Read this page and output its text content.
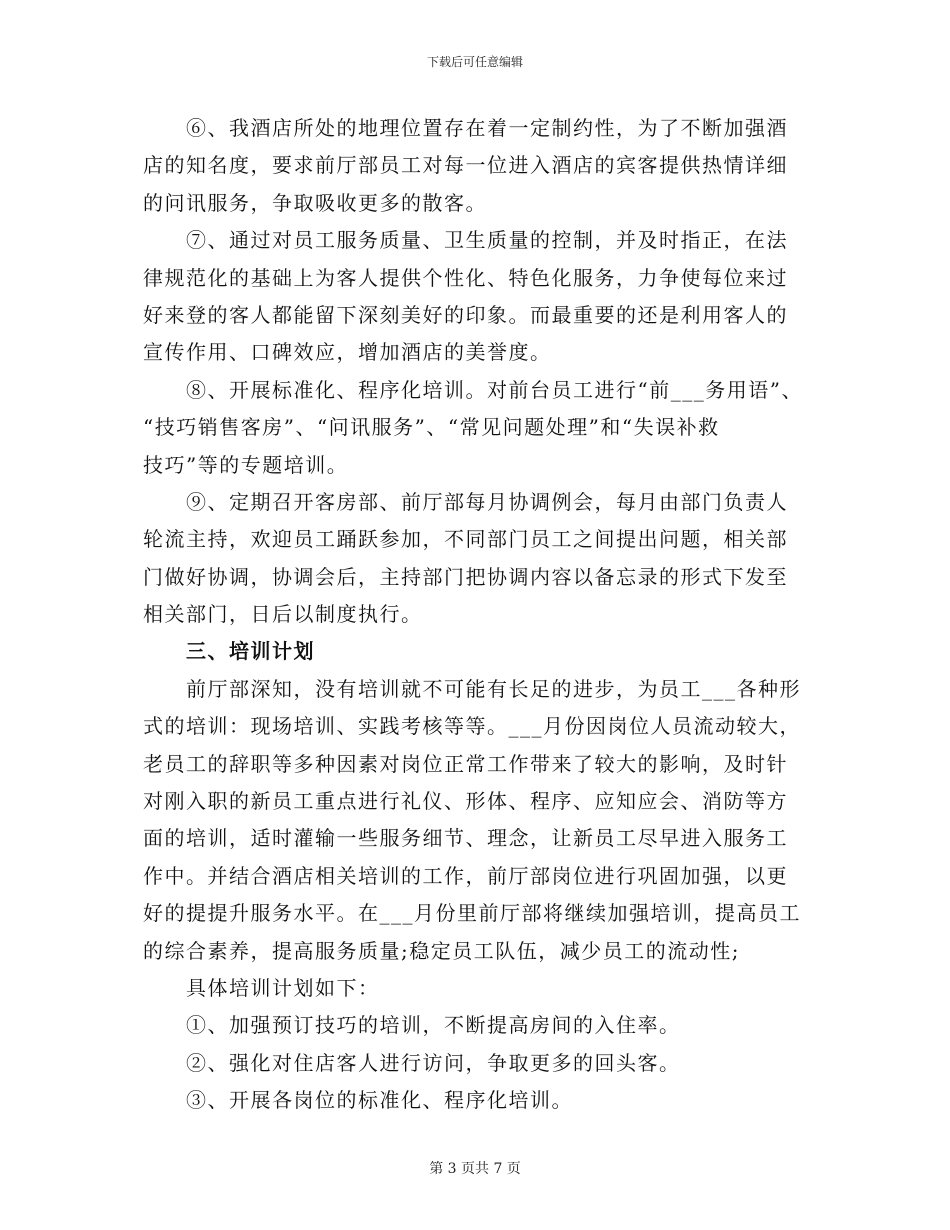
下载后可任意编辑
⑥、我酒店所处的地理位置存在着一定制约性，为了不断加强酒
店的知名度，要求前厅部员工对每一位进入酒店的宾客提供热情详细
的问讯服务，争取吸收更多的散客。
⑦、通过对员工服务质量、卫生质量的控制，并及时指正，在法
律规范化的基础上为客人提供个性化、特色化服务，力争使每位来过
好来登的客人都能留下深刻美好的印象。而最重要的还是利用客人的
宣传作用、口碑效应，增加酒店的美誉度。
⑧、开展标准化、程序化培训。对前台员工进行“前___务用语”、
“技巧销售客房”、“问讯服务”、“常见问题处理”和“失误补救
技巧”等的专题培训。
⑨、定期召开客房部、前厅部每月协调例会，每月由部门负责人
轮流主持，欢迎员工踊跃参加，不同部门员工之间提出问题，相关部
门做好协调，协调会后，主持部门把协调内容以备忘录的形式下发至
相关部门，日后以制度执行。
三、培训计划
前厅部深知，没有培训就不可能有长足的进步，为员工___各种形
式的培训：现场培训、实践考核等等。___月份因岗位人员流动较大，
老员工的辞职等多种因素对岗位正常工作带来了较大的影响，及时针
对刚入职的新员工重点进行礼仪、形体、程序、应知应会、消防等方
面的培训，适时灌输一些服务细节、理念，让新员工尽早进入服务工
作中。并结合酒店相关培训的工作，前厅部岗位进行巩固加强，以更
好的提提升服务水平。在___月份里前厅部将继续加强培训，提高员工
的综合素养，提高服务质量;稳定员工队伍，减少员工的流动性;
具体培训计划如下：
①、加强预订技巧的培训，不断提高房间的入住率。
②、强化对住店客人进行访问，争取更多的回头客。
③、开展各岗位的标准化、程序化培训。
第 3 页共 7 页
